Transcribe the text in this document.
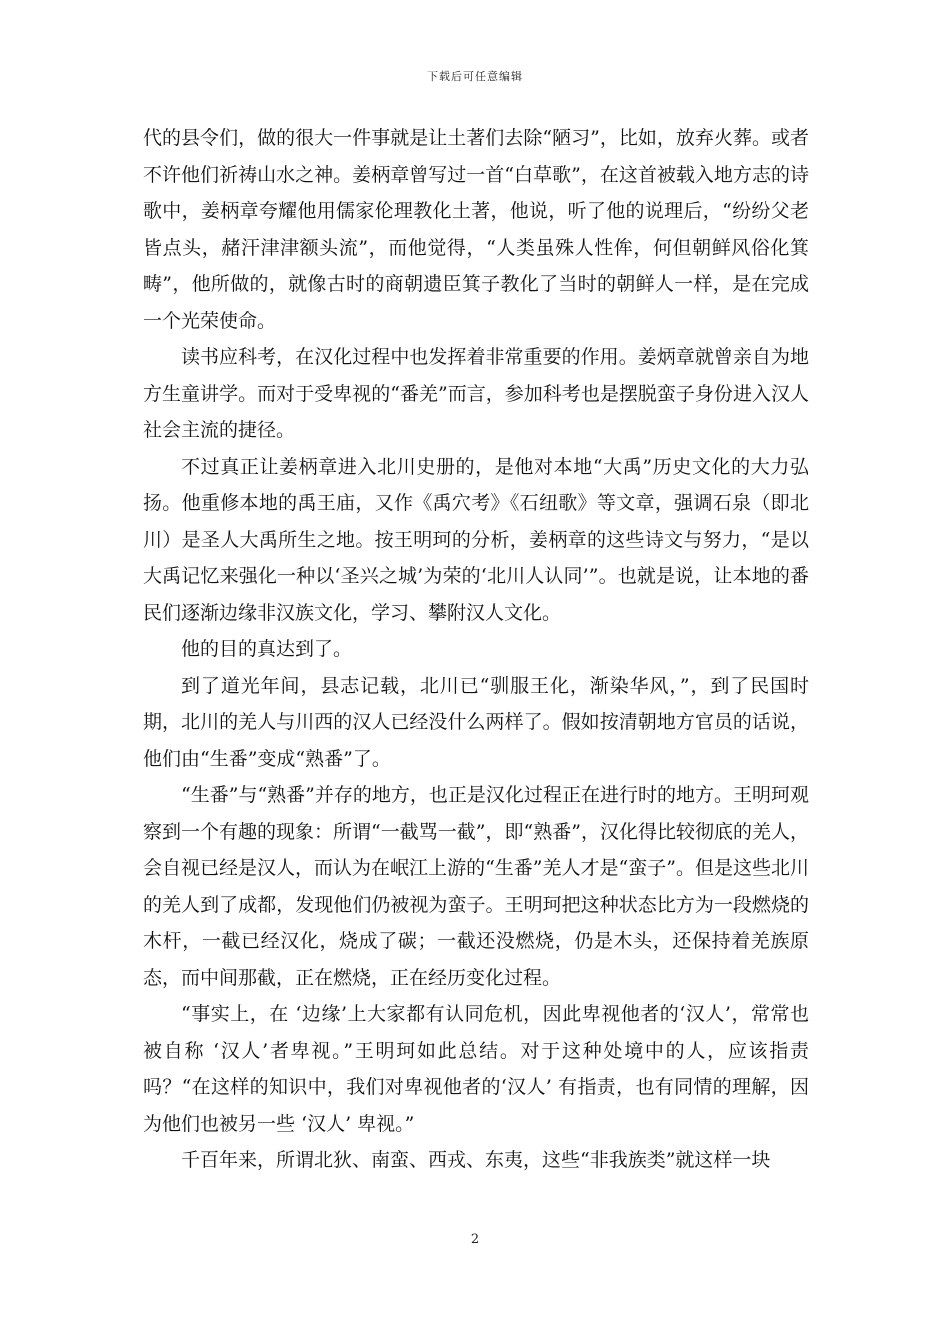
下载后可任意编辑

代的县令们，做的很大一件事就是让土著们去除“陋习”，比如，放弃火葬。或者不许他们祈祷山水之神。姜柄章曾写过一首“白草歌”，在这首被载入地方志的诗歌中，姜柄章夸耀他用儒家伦理教化土著，他说，听了他的说理后，“纷纷父老皆点头，赭汗津津额头流”，而他觉得，“人类虽殊人性侔，何但朝鲜风俗化箕畴”，他所做的，就像古时的商朝遗臣箕子教化了当时的朝鲜人一样，是在完成一个光荣使命。

读书应科考，在汉化过程中也发挥着非常重要的作用。姜炳章就曾亲自为地方生童讲学。而对于受卑视的“番羌”而言，参加科考也是摆脱蛮子身份进入汉人社会主流的捷径。

不过真正让姜柄章进入北川史册的，是他对本地“大禹”历史文化的大力弘扬。他重修本地的禹王庙，又作《禹穴考》《石纽歌》等文章，强调石泉（即北川）是圣人大禹所生之地。按王明珂的分析，姜柄章的这些诗文与努力，“是以大禹记忆来强化一种以‘圣兴之城’为荣的‘北川人认同’”。也就是说，让本地的番民们逐渐边缘非汉族文化，学习、攀附汉人文化。

他的目的真达到了。

到了道光年间，县志记载，北川已“驯服王化，渐染华风，”，到了民国时期，北川的羌人与川西的汉人已经没什么两样了。假如按清朝地方官员的话说，他们由“生番”变成“熟番”了。

“生番”与“熟番”并存的地方，也正是汉化过程正在进行时的地方。王明珂观察到一个有趣的现象：所谓“一截骂一截”，即“熟番”，汉化得比较彻底的羌人，会自视已经是汉人，而认为在岷江上游的“生番”羌人才是“蛮子”。但是这些北川的羌人到了成都，发现他们仍被视为蛮子。王明珂把这种状态比方为一段燃烧的木杆，一截已经汉化，烧成了碳；一截还没燃烧，仍是木头，还保持着羌族原态，而中间那截，正在燃烧，正在经历变化过程。

“事实上，在 ‘边缘’上大家都有认同危机，因此卑视他者的‘汉人’，常常也被自称 ‘汉人’者卑视。”王明珂如此总结。对于这种处境中的人，应该指责吗？“在这样的知识中，我们对卑视他者的‘汉人’ 有指责，也有同情的理解，因为他们也被另一些 ‘汉人’ 卑视。”

千百年来，所谓北狄、南蛮、西戎、东夷，这些“非我族类”就这样一块

2
